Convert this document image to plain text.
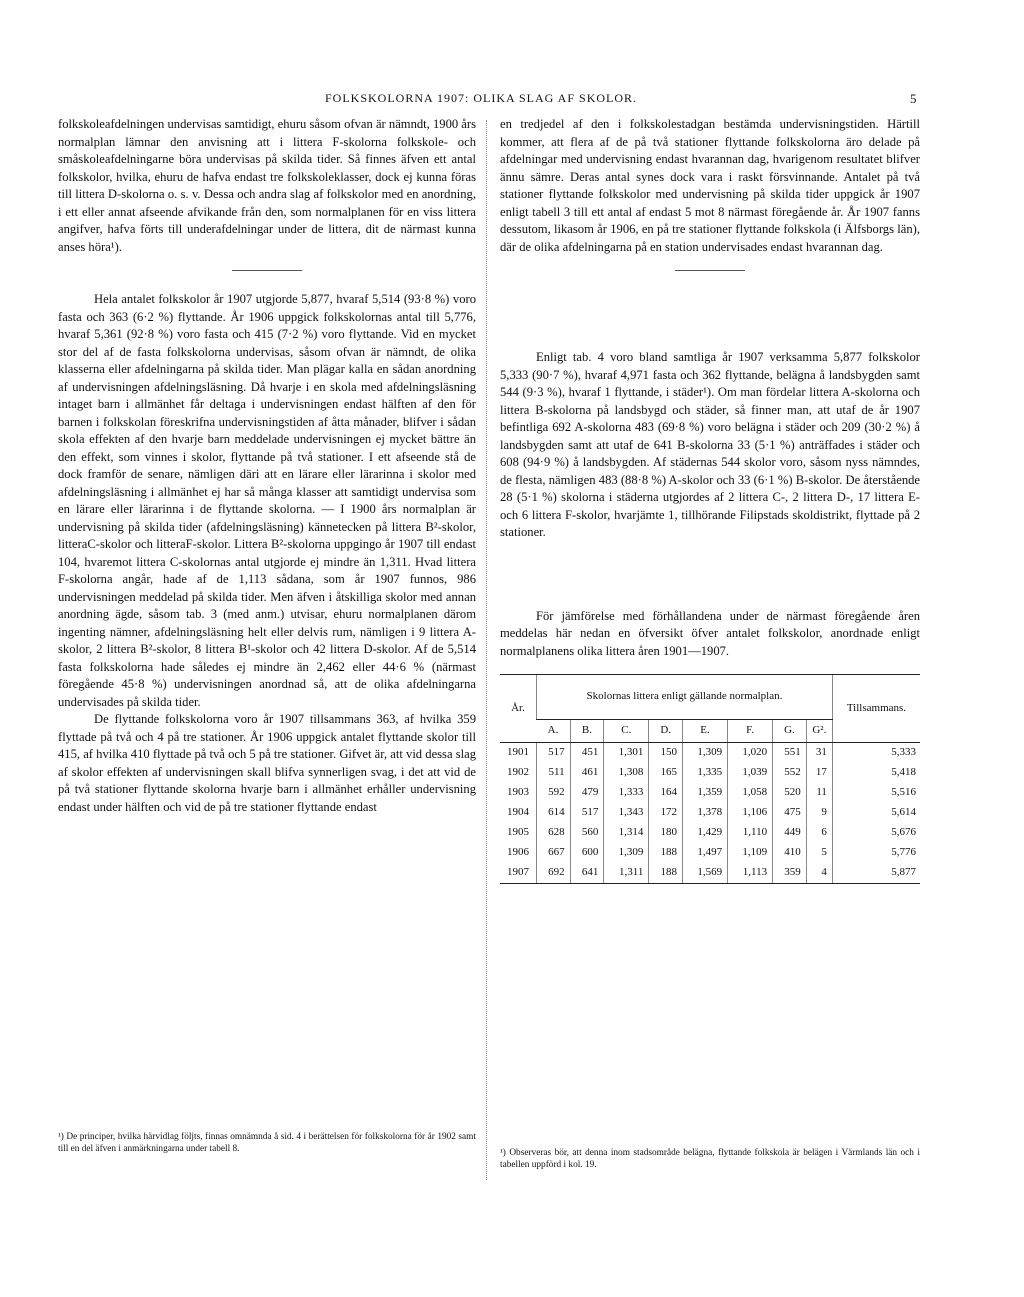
FOLKSKOLORNA 1907: OLIKA SLAG AF SKOLOR.	5

folkskoleafdelningen undervisas samtidigt, ehuru såsom ofvan är nämndt, 1900 års normalplan lämnar den anvisning att i littera F-skolorna folkskole- och småskoleafdelningarne böra undervisas på skilda tider. Så finnes äfven ett antal folkskolor, hvilka, ehuru de hafva endast tre folkskoleklasser, dock ej kunna föras till littera D-skolorna o. s. v. Dessa och andra slag af folkskolor med en anordning, i ett eller annat afseende afvikande från den, som normalplanen för en viss littera angifver, hafva förts till underafdelningar under de littera, dit de närmast kunna anses höra¹).

Hela antalet folkskolor år 1907 utgjorde 5,877, hvaraf 5,514 (93·8 %) voro fasta och 363 (6·2 %) flyttande. År 1906 uppgick folkskolornas antal till 5,776, hvaraf 5,361 (92·8 %) voro fasta och 415 (7·2 %) voro flyttande. Vid en mycket stor del af de fasta folkskolorna undervisas, såsom ofvan är nämndt, de olika klasserna eller afdelningarna på skilda tider. Man plägar kalla en sådan anordning af undervisningen afdelningsläsning. Då hvarje i en skola med afdelningsläsning intaget barn i allmänhet får deltaga i undervisningen endast hälften af den för barnen i folkskolan föreskrifna undervisningstiden af åtta månader, blifver i sådan skola effekten af den hvarje barn meddelade undervisningen ej mycket bättre än den effekt, som vinnes i skolor, flyttande på två stationer. I ett afseende stå de dock framför de senare, nämligen däri att en lärare eller lärarinna i skolor med afdelningsläsning i allmänhet ej har så många klasser att samtidigt undervisa som en lärare eller lärarinna i de flyttande skolorna. — I 1900 års normalplan är undervisning på skilda tider (afdelningsläsning) kännetecken på littera B²-skolor, litteraC-skolor och litteraF-skolor. Littera B²-skolorna uppgingo år 1907 till endast 104, hvaremot littera C-skolornas antal utgjorde ej mindre än 1,311. Hvad littera F-skolorna angår, hade af de 1,113 sådana, som år 1907 funnos, 986 undervisningen meddelad på skilda tider. Men äfven i åtskilliga skolor med annan anordning ägde, såsom tab. 3 (med anm.) utvisar, ehuru normalplanen därom ingenting nämner, afdelningsläsning helt eller delvis rum, nämligen i 9 littera A-skolor, 2 littera B²-skolor, 8 littera B¹-skolor och 42 littera D-skolor. Af de 5,514 fasta folkskolorna hade således ej mindre än 2,462 eller 44·6 % (närmast föregående 45·8 %) undervisningen anordnad så, att de olika afdelningarna undervisades på skilda tider.

De flyttande folkskolorna voro år 1907 tillsammans 363, af hvilka 359 flyttade på två och 4 på tre stationer. År 1906 uppgick antalet flyttande skolor till 415, af hvilka 410 flyttade på två och 5 på tre stationer. Gifvet är, att vid dessa slag af skolor effekten af undervisningen skall blifva synnerligen svag, i det att vid de på två stationer flyttande skolorna hvarje barn i allmänhet erhåller undervisning endast under hälften och vid de på tre stationer flyttande endast

en tredjedel af den i folkskolestadgan bestämda undervisningstiden. Härtill kommer, att flera af de på två stationer flyttande folkskolorna äro delade på afdelningar med undervisning endast hvarannan dag, hvarigenom resultatet blifver ännu sämre. Deras antal synes dock vara i raskt försvinnande. Antalet på två stationer flyttande folkskolor med undervisning på skilda tider uppgick år 1907 enligt tabell 3 till ett antal af endast 5 mot 8 närmast föregående år. År 1907 fanns dessutom, likasom år 1906, en på tre stationer flyttande folkskola (i Älfsborgs län), där de olika afdelningarna på en station undervisades endast hvarannan dag.

Enligt tab. 4 voro bland samtliga år 1907 verksamma 5,877 folkskolor 5,333 (90·7 %), hvaraf 4,971 fasta och 362 flyttande, belägna å landsbygden samt 544 (9·3 %), hvaraf 1 flyttande, i städer¹). Om man fördelar littera A-skolorna och littera B-skolorna på landsbygd och städer, så finner man, att utaf de år 1907 befintliga 692 A-skolorna 483 (69·8 %) voro belägna i städer och 209 (30·2 %) å landsbygden samt att utaf de 641 B-skolorna 33 (5·1 %) anträffades i städer och 608 (94·9 %) å landsbygden. Af städernas 544 skolor voro, såsom nyss nämndes, de flesta, nämligen 483 (88·8 %) A-skolor och 33 (6·1 %) B-skolor. De återstående 28 (5·1 %) skolorna i städerna utgjordes af 2 littera C-, 2 littera D-, 17 littera E- och 6 littera F-skolor, hvarjämte 1, tillhörande Filipstads skoldistrikt, flyttade på 2 stationer.

För jämförelse med förhållandena under de närmast föregående åren meddelas här nedan en öfversikt öfver antalet folkskolor, anordnade enligt normalplanens olika littera åren 1901—1907.

År.	Skolornas littera enligt gällande normalplan.								Tillsammans.
	A.	B.	C.	D.	E.	F.	G.	G².	
1901	517	451	1,301	150	1,309	1,020	551	31	5,333
1902	511	461	1,308	165	1,335	1,039	552	17	5,418
1903	592	479	1,333	164	1,359	1,058	520	11	5,516
1904	614	517	1,343	172	1,378	1,106	475	9	5,614
1905	628	560	1,314	180	1,429	1,110	449	6	5,676
1906	667	600	1,309	188	1,497	1,109	410	5	5,776
1907	692	641	1,311	188	1,569	1,113	359	4	5,877
¹) De principer, hvilka härvidlag följts, finnas omnämnda å sid. 4 i berättelsen för folkskolorna för år 1902 samt till en del äfven i anmärkningarna under tabell 8.	¹) Observeras bör, att denna inom stadsområde belägna, flyttande folkskola är belägen i Värmlands län och i tabellen uppförd i kol. 19.
